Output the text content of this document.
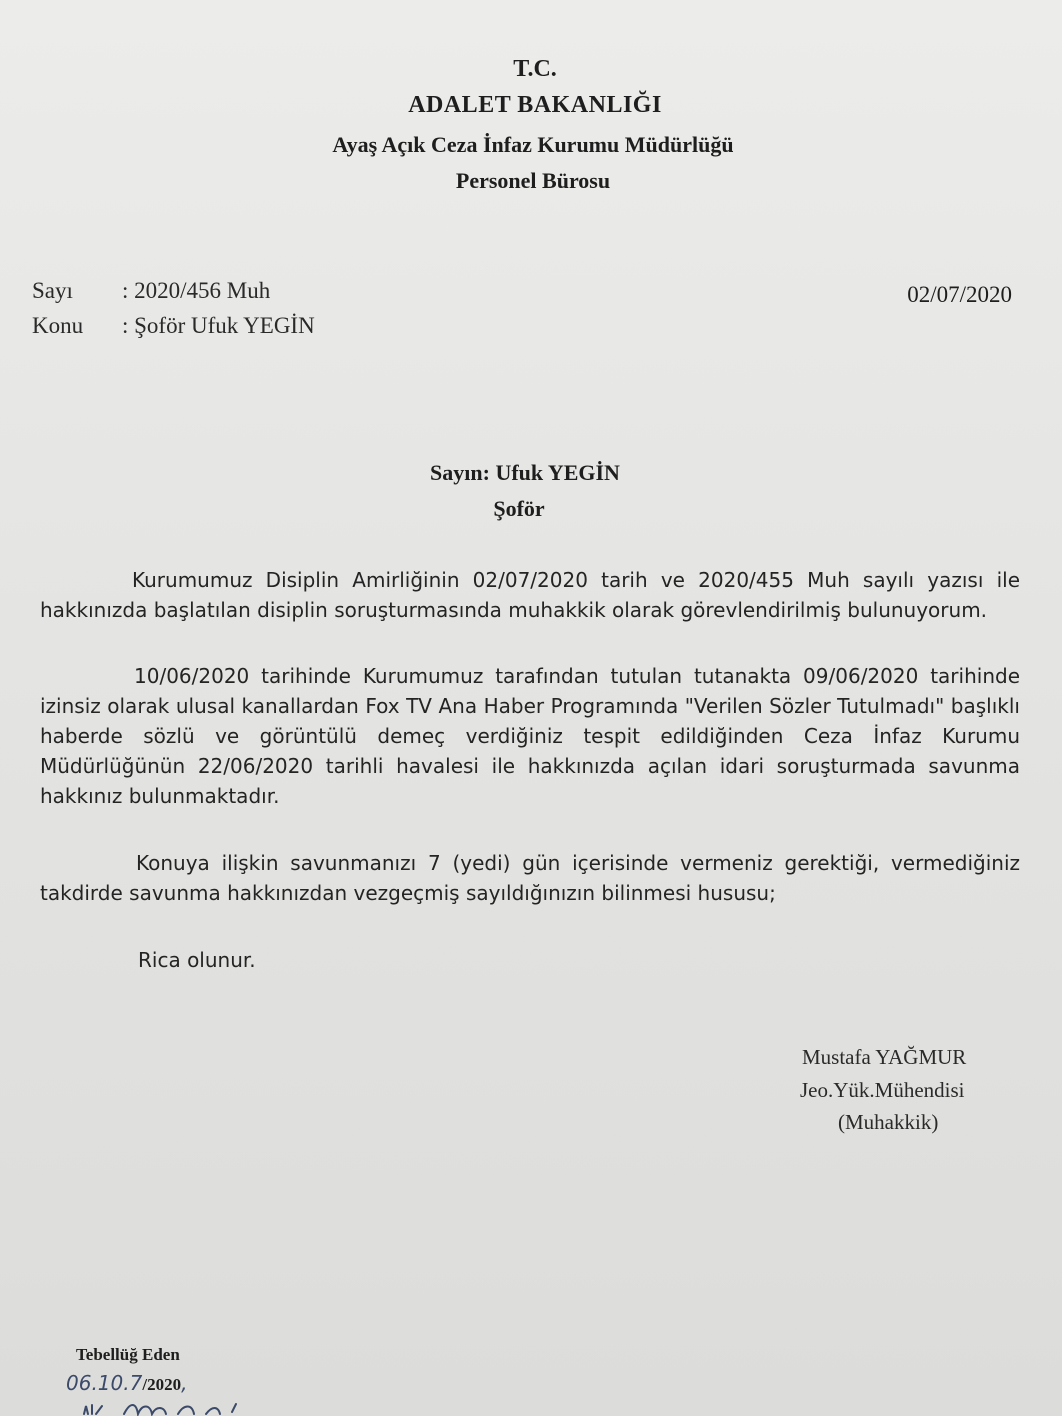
T.C.
ADALET BAKANLIĞI
Ayaş Açık Ceza İnfaz Kurumu Müdürlüğü
Personel Bürosu
Sayı : 2020/456 Muh
Konu : Şoför Ufuk YEGİN
02/07/2020
Sayın: Ufuk YEGİN
Şoför
Kurumumuz Disiplin Amirliğinin 02/07/2020 tarih ve 2020/455 Muh sayılı yazısı ile hakkınızda başlatılan disiplin soruşturmasında muhakkik olarak görevlendirilmiş bulunuyorum.
10/06/2020 tarihinde Kurumumuz tarafından tutulan tutanakta 09/06/2020 tarihinde izinsiz olarak ulusal kanallardan Fox TV Ana Haber Programında "Verilen Sözler Tutulmadı" başlıklı haberde sözlü ve görüntülü demeç verdiğiniz tespit edildiğinden Ceza İnfaz Kurumu Müdürlüğünün 22/06/2020 tarihli havalesi ile hakkınızda açılan idari soruşturmada savunma hakkınız bulunmaktadır.
Konuya ilişkin savunmanızı 7 (yedi) gün içerisinde vermeniz gerektiği, vermediğiniz takdirde savunma hakkınızdan vezgeçmiş sayıldığınızın bilinmesi hususu;
Rica olunur.
Mustafa YAĞMUR
Jeo.Yük.Mühendisi
(Muhakkik)
Tebellüğ Eden
06.10.7/2020,
